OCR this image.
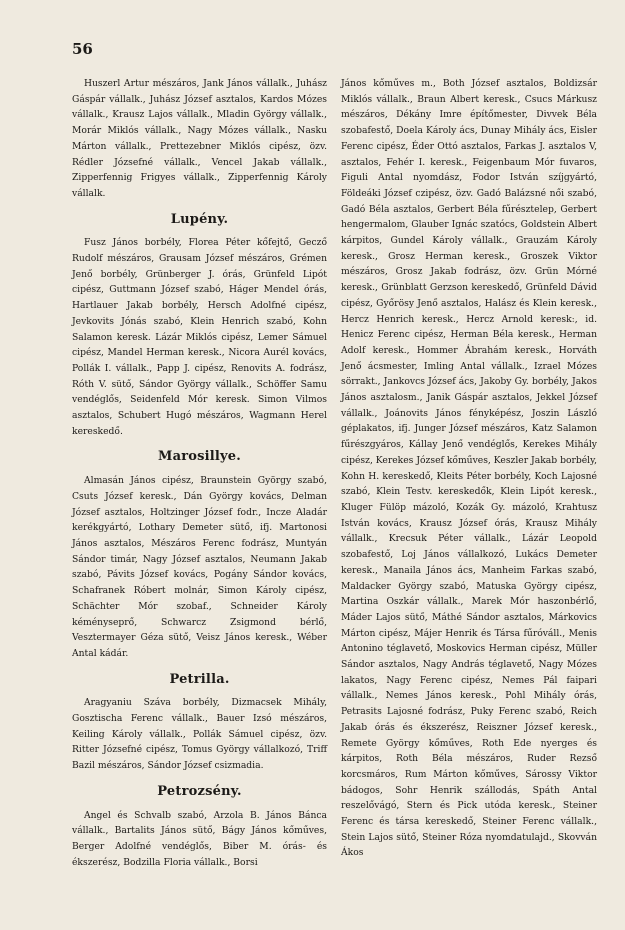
56

Huszerl Artur mészáros, Jank János vállalk., Juhász Gáspár vállalk., Juhász József asztalos, Kardos Mózes vállalk., Krausz Lajos vállalk., Mladin György vállalk., Morár Miklós vállalk., Nagy Mózes vállalk., Nasku Márton vállalk., Prettezebner Miklós cipész, özv. Rédler Józsefné vállalk., Vencel Jakab vállalk., Zipperfennig Frigyes vállalk., Zipperfennig Károly vállalk.

Lupény.

Fusz János borbély, Florea Péter kőfejtő, Gecző Rudolf mészáros, Grausam József mészáros, Grémen Jenő borbély, Grünberger J. órás, Grünfeld Lipót cipész, Guttmann József szabó, Háger Mendel órás, Hartlauer Jakab borbély, Hersch Adolfné cipész, Jevkovits Jónás szabó, Klein Henrich szabó, Kohn Salamon keresk. Lázár Miklós cipész, Lemer Sámuel cipész, Mandel Herman keresk., Nicora Aurél kovács, Pollák I. vállalk., Papp J. cipész, Renovits A. fodrász, Róth V. sütő, Sándor György vállalk., Schöffer Samu vendéglős, Seidenfeld Mór keresk. Simon Vilmos asztalos, Schubert Hugó mészáros, Wagmann Herel kereskedő.

Marosillye.

Almasán János cipész, Braunstein György szabó, Csuts József keresk., Dán György kovács, Delman József asztalos, Holtzinger József fodr., Incze Aladár kerékgyártó, Lothary Demeter sütő, ifj. Martonosi János asztalos, Mészáros Ferenc fodrász, Muntyán Sándor timár, Nagy József asztalos, Neumann Jakab szabó, Pávits József kovács, Pogány Sándor kovács, Schafranek Róbert molnár, Simon Károly cipész, Schächter Mór szobaf., Schneider Károly kéményseprő, Schwarcz Zsigmond bérlő, Vesztermayer Géza sütő, Veisz János keresk., Wéber Antal kádár.

Petrilla.

Aragyaniu Száva borbély, Dizmacsek Mihály, Gosztischa Ferenc vállalk., Bauer Izsó mészáros, Keiling Károly vállalk., Pollák Sámuel cipész, özv. Ritter Józsefné cipész, Tomus György vállalkozó, Triff Bazil mészáros, Sándor József csizmadia.

Petrozsény.

Angel és Schvalb szabó, Arzola B. János Bánca vállalk., Bartalits János sütő, Bágy János kőműves, Berger Adolfné vendéglős, Biber M. órás- és ékszerész, Bodzilla Floria vállalk., Borsi

János kőműves m., Both József asztalos, Boldizsár Miklós vállalk., Braun Albert keresk., Csucs Márkusz mészáros, Dékány Imre építőmester, Divvek Béla szobafestő, Doela Károly ács, Dunay Mihály ács, Eisler Ferenc cipész, Éder Ottó asztalos, Farkas J. asztalos V, asztalos, Fehér I. keresk., Feigenbaum Mór fuvaros, Figuli Antal nyomdász, Fodor István szíjgyártó, Földeáki József czipész, özv. Gadó Balázsné női szabó, Gadó Béla asztalos, Gerbert Béla fűrésztelep, Gerbert hengermalom, Glauber Ignác szatócs, Goldstein Albert kárpitos, Gundel Károly vállalk., Grauzám Károly keresk., Grosz Herman keresk., Groszek Viktor mészáros, Grosz Jakab fodrász, özv. Grün Mórné keresk., Grünblatt Gerzson kereskedő, Grünfeld Dávid cipész, Győrösy Jenő asztalos, Halász és Klein keresk., Hercz Henrich keresk., Hercz Arnold kereskː, id. Henicz Ferenc cipész, Herman Béla keresk., Herman Adolf keresk., Hommer Ábrahám keresk., Horváth Jenő ácsmester, Imling Antal vállalk., Izrael Mózes sörrakt., Jankovcs József ács, Jakoby Gy. borbély, Jakos János asztalosm., Janik Gáspár asztalos, Jekkel József vállalk., Joánovits János fényképész, Joszin László géplakatos, ifj. Junger József mészáros, Katz Salamon fűrészgyáros, Kállay Jenő vendéglős, Kerekes Mihály cipész, Kerekes József kőműves, Keszler Jakab borbély, Kohn H. kereskedő, Kleits Péter borbély, Koch Lajosné szabó, Klein Testv. kereskedők, Klein Lipót keresk., Kluger Fülöp mázoló, Kozák Gy. mázoló, Krahtusz István kovács, Krausz József órás, Krausz Mihály vállalk., Krecsuk Péter vállalk., Lázár Leopold szobafestő, Loj János vállalkozó, Lukács Demeter keresk., Manaila János ács, Manheim Farkas szabó, Maldacker György szabó, Matuska György cipész, Martina Oszkár vállalk., Marek Mór haszonbérlő, Máder Lajos sütő, Máthé Sándor asztalos, Márkovics Márton cipész, Májer Henrik és Társa fűróváll., Menis Antonino téglavető, Moskovics Herman cipész, Müller Sándor asztalos, Nagy András téglavető, Nagy Mózes lakatos, Nagy Ferenc cipész, Nemes Pál faipari vállalk., Nemes János keresk., Pohl Mihály órás, Petrasits Lajosné fodrász, Puky Ferenc szabó, Reich Jakab órás és ékszerész, Reiszner József keresk., Remete György kőműves, Roth Ede nyerges és kárpitos, Roth Béla mészáros, Ruder Rezső korcsmáros, Rum Márton kőműves, Sárossy Viktor bádogos, Sohr Henrik szállodás, Spáth Antal reszelővágó, Stern és Pick utóda keresk., Steiner Ferenc és társa kereskedő, Steiner Ferenc vállalk., Stein Lajos sütő, Steiner Róza nyomdatulajd., Skovván Ákos
